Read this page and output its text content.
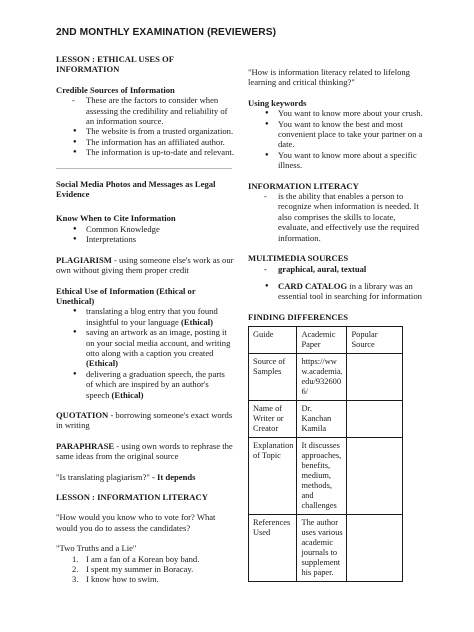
2ND MONTHLY EXAMINATION (REVIEWERS)

LESSON : ETHICAL USES OF INFORMATION

Credible Sources of Information

- These are the factors to consider when assessing the credibility and reliability of an information source.
● The website is from a trusted organization.
● The information has an affiliated author.
● The information is up-to-date and relevant.

Social Media Photos and Messages as Legal Evidence

Know When to Cite Information

● Common Knowledge
● Interpretations

PLAGIARISM - using someone else's work as our own without giving them proper credit

Ethical Use of Information (Ethical or Unethical)

● translating a blog entry that you found insightful to your language (Ethical)
● saving an artwork as an image, posting it on your social media account, and writing otto along with a caption you created (Ethical)
● delivering a graduation speech, the parts of which are inspired by an author's speech (Ethical)

QUOTATION - borrowing someone's exact words in writing

PARAPHRASE - using own words to rephrase the same ideas from the original source

"Is translating plagiarism?" - It depends

LESSON : INFORMATION LITERACY

"How would you know who to vote for? What would you do to assess the candidates?

"Two Truths and a Lie"

1. I am a fan of a Korean boy band.
2. I spent my summer in Boracay.
3. I know how to swim.

"How is information literacy related to lifelong learning and critical thinking?"

Using keywords

● You want to know more about your crush.
● You want to know the best and most convenient place to take your partner on a date.
● You want to know more about a specific illness.

INFORMATION LITERACY

- is the ability that enables a person to recognize when information is needed. It also comprises the skills to locate, evaluate, and effectively use the required information.

MULTIMEDIA SOURCES

- graphical, aural, textual
● CARD CATALOG in a library was an essential tool in searching for information

FINDING DIFFERENCES

Guide	Academic Paper	Popular Source
Source of Samples	https://www.academia.edu/9326006/	
Name of Writer or Creator	Dr. Kanchan Kamila	
Explanation of Topic	It discusses approaches, benefits, medium, methods, and challenges	
References Used	The author uses various academic journals to supplement his paper.	
